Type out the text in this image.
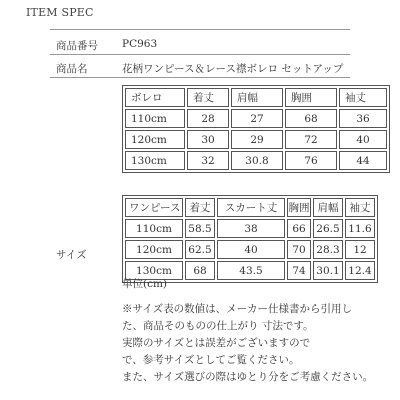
ITEM SPEC
商品番号 PC963
商品名	花柄ワンピース＆レース襟ボレロ セットアップ
サイズ
ボレロ	着丈	肩幅	胸囲	袖丈
110cm	28	27	68	36
120cm	30	29	72	40
130cm	32	30.8	76	44
ワンピース	着丈	スカート丈	胸囲	肩幅	袖丈
110cm	58.5	38	66	26.5	11.6
120cm	62.5	40	70	28.3	12
130cm	68	43.5	74	30.1	12.4
単位(cm)
※サイズ表の数値は、メーカー仕様書から引用し
た、商品そのものの仕上がり 寸法です。
実際のサイズとは誤差がございますので
で、参考サイズとしてご覧ください。
また、サイズ選びの際はゆとり分をご考慮ください。
